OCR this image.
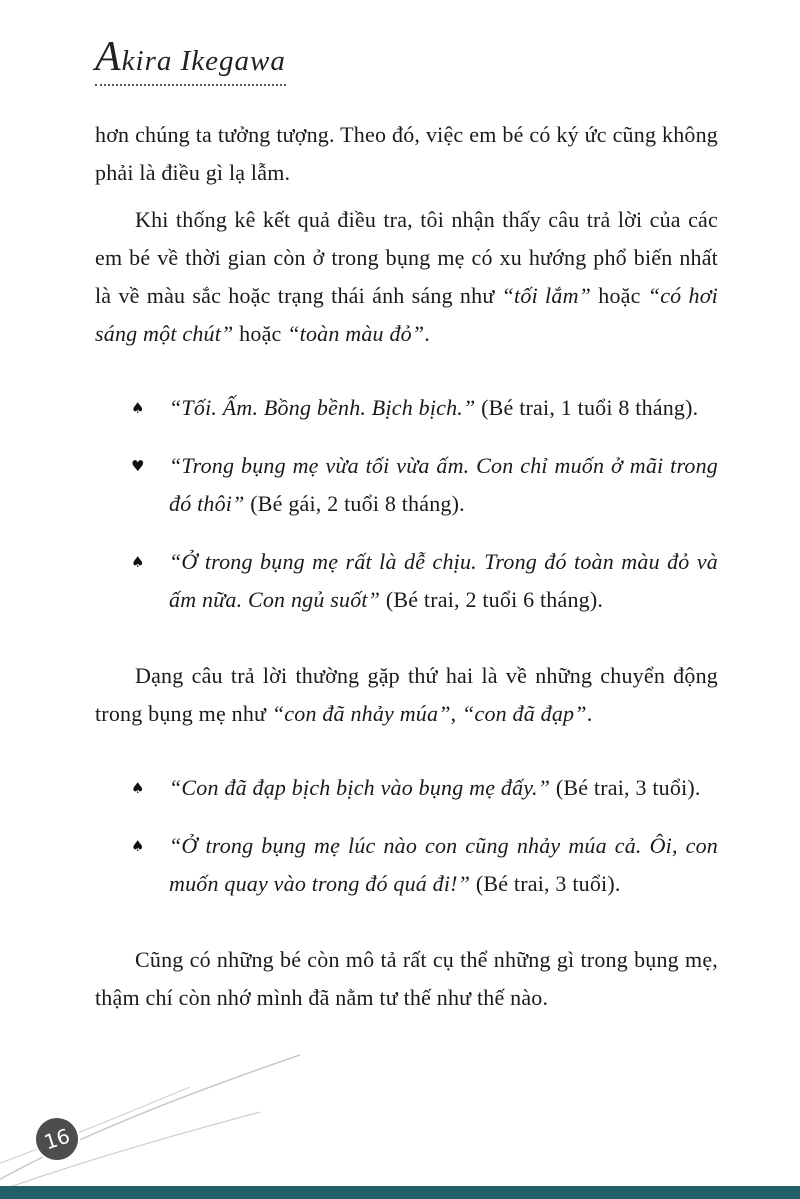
Akira Ikegawa

hơn chúng ta tưởng tượng. Theo đó, việc em bé có ký ức cũng không phải là điều gì lạ lẫm.

Khi thống kê kết quả điều tra, tôi nhận thấy câu trả lời của các em bé về thời gian còn ở trong bụng mẹ có xu hướng phổ biến nhất là về màu sắc hoặc trạng thái ánh sáng như “tối lắm” hoặc “có hơi sáng một chút” hoặc “toàn màu đỏ”.

♠	“Tối. Ấm. Bồng bềnh. Bịch bịch.” (Bé trai, 1 tuổi 8 tháng).
♥	“Trong bụng mẹ vừa tối vừa ấm. Con chỉ muốn ở mãi trong đó thôi” (Bé gái, 2 tuổi 8 tháng).
♠	“Ở trong bụng mẹ rất là dễ chịu. Trong đó toàn màu đỏ và ấm nữa. Con ngủ suốt” (Bé trai, 2 tuổi 6 tháng).

Dạng câu trả lời thường gặp thứ hai là về những chuyển động trong bụng mẹ như “con đã nhảy múa”, “con đã đạp”.

♠	“Con đã đạp bịch bịch vào bụng mẹ đấy.” (Bé trai, 3 tuổi).
♠	“Ở trong bụng mẹ lúc nào con cũng nhảy múa cả. Ôi, con muốn quay vào trong đó quá đi!” (Bé trai, 3 tuổi).

Cũng có những bé còn mô tả rất cụ thể những gì trong bụng mẹ, thậm chí còn nhớ mình đã nằm tư thế như thế nào.

16
